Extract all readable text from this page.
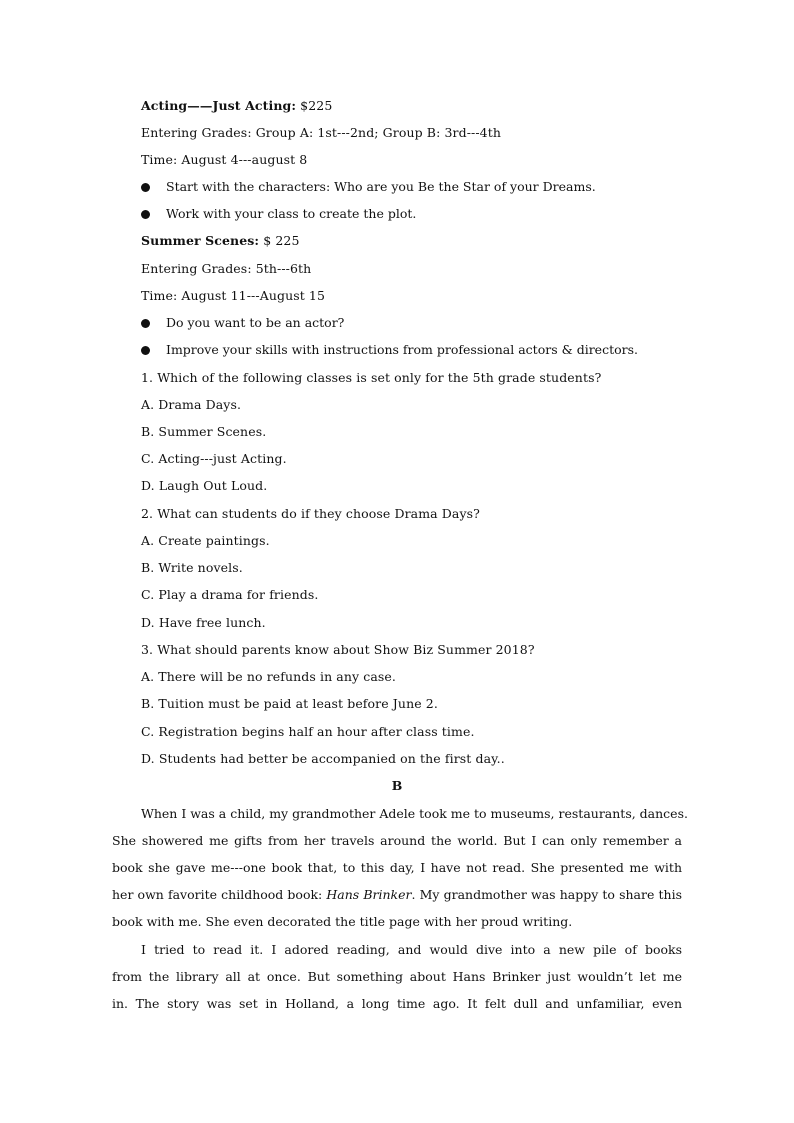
Acting——Just Acting: $225
Entering Grades: Group A: 1st---2nd; Group B: 3rd---4th
Time: August 4---august 8
Start with the characters: Who are you Be the Star of your Dreams.
Work with your class to create the plot.
Summer Scenes: $ 225
Entering Grades: 5th---6th
Time: August 11---August 15
Do you want to be an actor?
Improve your skills with instructions from professional actors & directors.
1. Which of the following classes is set only for the 5th grade students?
A. Drama Days.
B. Summer Scenes.
C. Acting---just Acting.
D. Laugh Out Loud.
2. What can students do if they choose Drama Days?
A. Create paintings.
B. Write novels.
C. Play a drama for friends.
D. Have free lunch.
3. What should parents know about Show Biz Summer 2018?
A. There will be no refunds in any case.
B. Tuition must be paid at least before June 2.
C. Registration begins half an hour after class time.
D. Students had better be accompanied on the first day..
B
When I was a child, my grandmother Adele took me to museums, restaurants, dances.
She showered me gifts from her travels around the world. But I can only remember a
book she gave me---one book that, to this day, I have not read. She presented me with
her own favorite childhood book: Hans Brinker. My grandmother was happy to share this
book with me. She even decorated the title page with her proud writing.
I tried to read it. I adored reading, and would dive into a new pile of books
from the library all at once. But something about Hans Brinker just wouldn’t let me
in. The story was set in Holland, a long time ago. It felt dull and unfamiliar, even
